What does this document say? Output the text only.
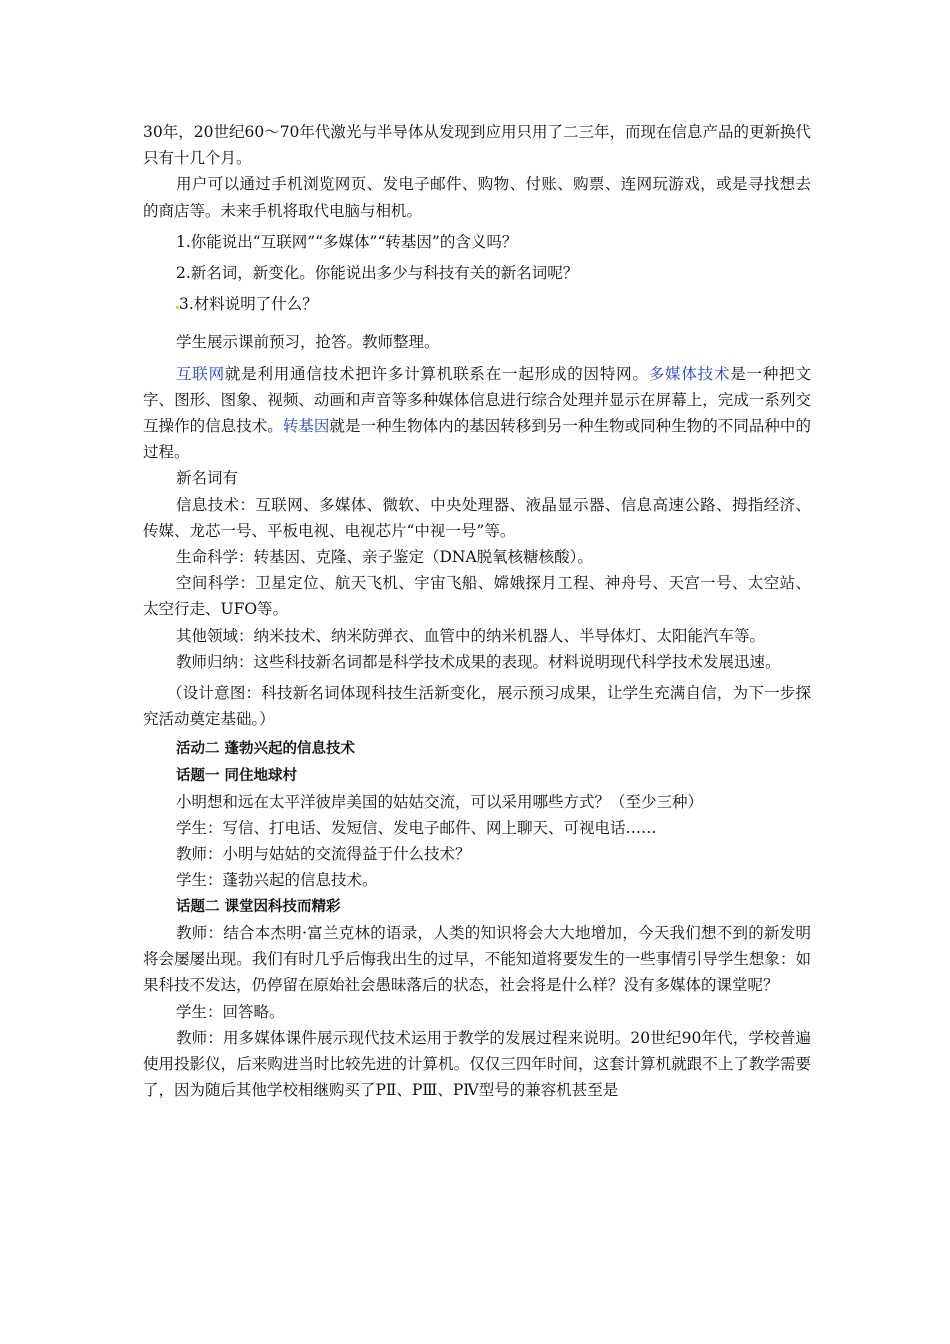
30年，20世纪60～70年代激光与半导体从发现到应用只用了二三年，而现在信息产品的更新换代只有十几个月。

用户可以通过手机浏览网页、发电子邮件、购物、付账、购票、连网玩游戏，或是寻找想去的商店等。未来手机将取代电脑与相机。

1.你能说出“互联网”“多媒体”“转基因”的含义吗？

2.新名词，新变化。你能说出多少与科技有关的新名词呢？

3.材料说明了什么？

学生展示课前预习，抢答。教师整理。

互联网就是利用通信技术把许多计算机联系在一起形成的因特网。多媒体技术是一种把文字、图形、图象、视频、动画和声音等多种媒体信息进行综合处理并显示在屏幕上，完成一系列交互操作的信息技术。转基因就是一种生物体内的基因转移到另一种生物或同种生物的不同品种中的过程。

新名词有

信息技术：互联网、多媒体、微软、中央处理器、液晶显示器、信息高速公路、拇指经济、传媒、龙芯一号、平板电视、电视芯片“中视一号”等。

生命科学：转基因、克隆、亲子鉴定（DNA脱氧核糖核酸）。

空间科学：卫星定位、航天飞机、宇宙飞船、嫦娥探月工程、神舟号、天宫一号、太空站、太空行走、UFO等。

其他领域：纳米技术、纳米防弹衣、血管中的纳米机器人、半导体灯、太阳能汽车等。

教师归纳：这些科技新名词都是科学技术成果的表现。材料说明现代科学技术发展迅速。

（设计意图：科技新名词体现科技生活新变化，展示预习成果，让学生充满自信，为下一步探究活动奠定基础。）

活动二 蓬勃兴起的信息技术

话题一 同住地球村

小明想和远在太平洋彼岸美国的姑姑交流，可以采用哪些方式？（至少三种）

学生：写信、打电话、发短信、发电子邮件、网上聊天、可视电话……

教师：小明与姑姑的交流得益于什么技术？

学生：蓬勃兴起的信息技术。

话题二 课堂因科技而精彩

教师：结合本杰明·富兰克林的语录，人类的知识将会大大地增加，今天我们想不到的新发明将会屡屡出现。我们有时几乎后悔我出生的过早，不能知道将要发生的一些事情引导学生想象：如果科技不发达，仍停留在原始社会愚昧落后的状态，社会将是什么样？没有多媒体的课堂呢？

学生：回答略。

教师：用多媒体课件展示现代技术运用于教学的发展过程来说明。20世纪90年代，学校普遍使用投影仪，后来购进当时比较先进的计算机。仅仅三四年时间，这套计算机就跟不上了教学需要了，因为随后其他学校相继购买了PⅡ、PⅢ、PⅣ型号的兼容机甚至是
